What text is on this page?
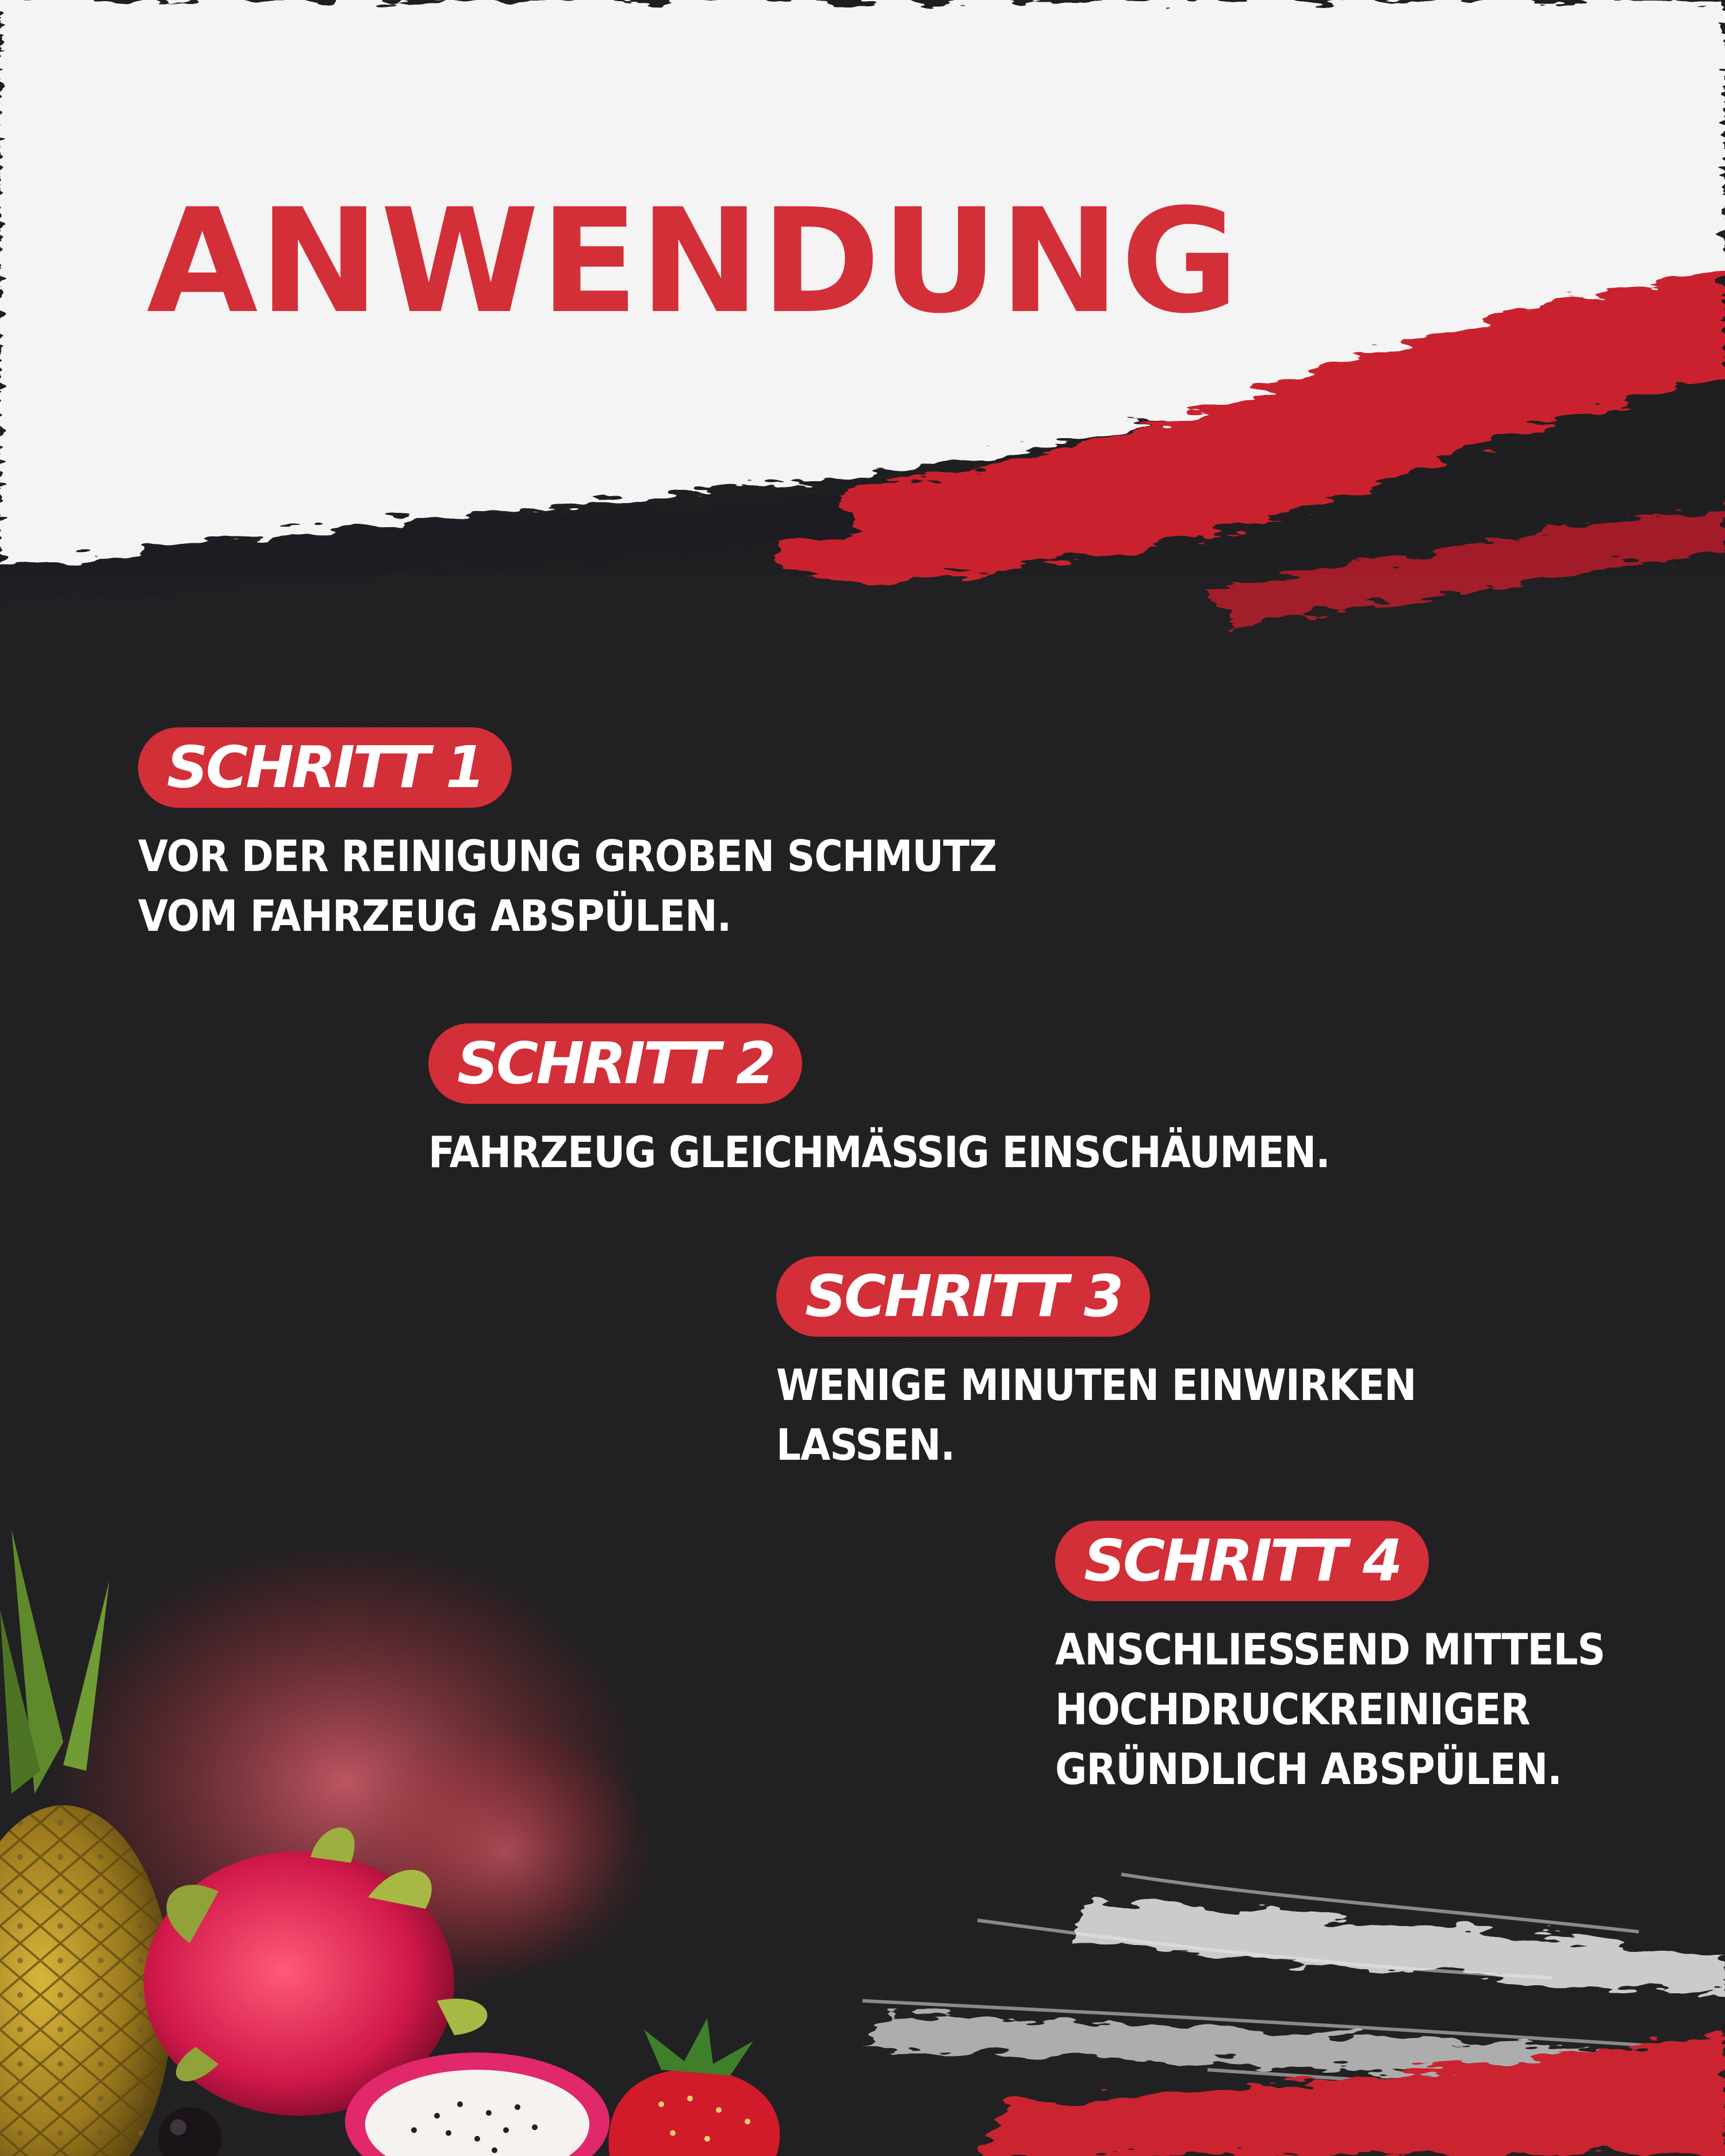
ANWENDUNG
SCHRITT 1

VOR DER REINIGUNG GROBEN SCHMUTZ
VOM FAHRZEUG ABSPÜLEN.

SCHRITT 2

FAHRZEUG GLEICHMÄSSIG EINSCHÄUMEN.

SCHRITT 3

WENIGE MINUTEN EINWIRKEN
LASSEN.

SCHRITT 4

ANSCHLIESSEND MITTELS
HOCHDRUCKREINIGER
GRÜNDLICH ABSPÜLEN.
